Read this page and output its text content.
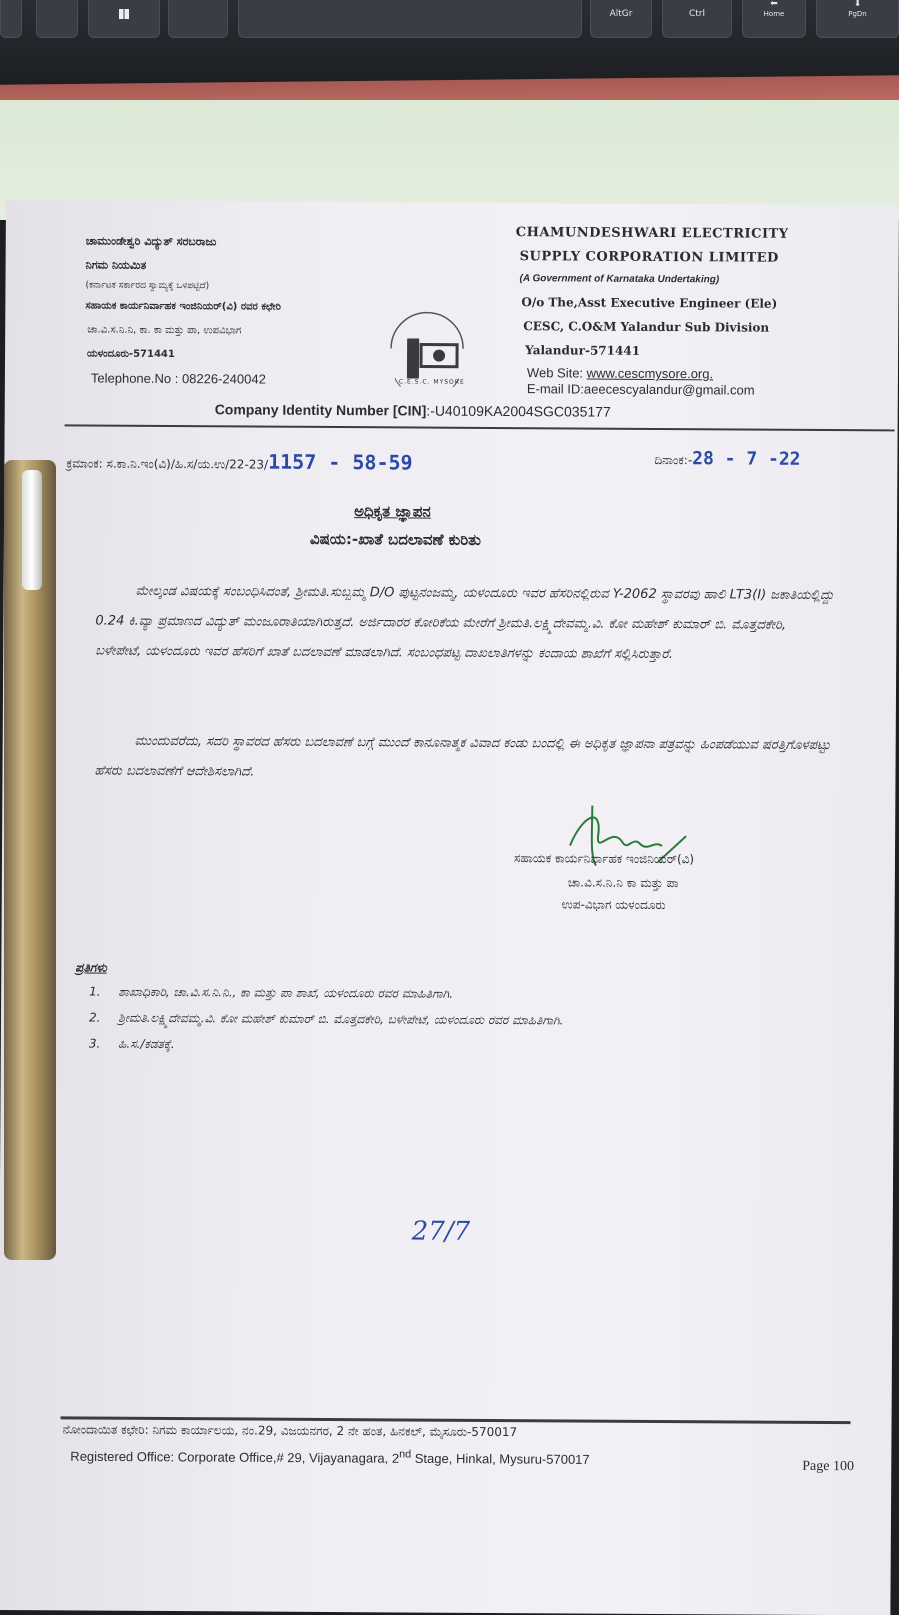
AltGr	Ctrl
⬅
Home
⬇
PgDn
ಚಾಮುಂಡೇಶ್ವರಿ ವಿದ್ಯುತ್ ಸರಬರಾಜು
ನಿಗಮ ನಿಯಮಿತ
(ಕರ್ನಾಟಕ ಸರ್ಕಾರದ ಸ್ವಾಮ್ಯಕ್ಕೆ ಒಳಪಟ್ಟಿದೆ)
ಸಹಾಯಕ ಕಾರ್ಯನಿರ್ವಾಹಕ ಇಂಜಿನಿಯರ್(ವಿ) ರವರ ಕಛೇರಿ
ಚಾ.ವಿ.ಸ.ನಿ.ನಿ, ಕಾ. ಕಾ ಮತ್ತು ಪಾ, ಉಪವಿಭಾಗ
ಯಳಂದೂರು-571441
Telephone.No : 08226-240042
CHAMUNDESHWARI ELECTRICITY
SUPPLY CORPORATION LIMITED
(A Government of Karnataka Undertaking)
O/o The,Asst Executive Engineer (Ele)
CESC, C.O&M Yalandur Sub Division
Yalandur-571441
Web Site: www.cescmysore.org.
E-mail ID:aeecescyalandur@gmail.com
C.E.S.C. MYSORE
Company Identity Number [CIN]:-U40109KA2004SGC035177
ಕ್ರಮಾಂಕ: ಸ.ಕಾ.ನಿ.ಇಂ(ವಿ)/ಹಿ.ಸ/ಯ.ಉ/22-23/1157 - 58-59	ದಿನಾಂಕ:-28 - 7 -22
ಅಧಿಕೃತ ಜ್ಞಾಪನ
ವಿಷಯ:-ಖಾತೆ ಬದಲಾವಣೆ ಕುರಿತು
ಮೇಲ್ಕಂಡ ವಿಷಯಕ್ಕೆ ಸಂಬಂಧಿಸಿದಂತೆ, ಶ್ರೀಮತಿ.ಸುಬ್ಬಮ್ಮ D/O ಪುಟ್ಟನಂಜಮ್ಮ, ಯಳಂದೂರು ಇವರ ಹೆಸರಿನಲ್ಲಿರುವ Y-2062 ಸ್ಥಾವರವು ಹಾಲಿ LT3(I) ಜಕಾತಿಯಲ್ಲಿದ್ದು 0.24 ಕಿ.ವ್ಯಾ ಪ್ರಮಾಣದ ವಿದ್ಯುತ್ ಮಂಜೂರಾತಿಯಾಗಿರುತ್ತದೆ. ಅರ್ಜಿದಾರರ ಕೋರಿಕೆಯ ಮೇರೆಗೆ ಶ್ರೀಮತಿ.ಲಕ್ಷ್ಮಿದೇವಮ್ಮ.ವಿ. ಕೋ ಮಹೇಶ್ ಕುಮಾರ್ ಬಿ. ಮೊತ್ತದಕೇರಿ, ಬಳೇಪೇಟೆ, ಯಳಂದೂರು ಇವರ ಹೆಸರಿಗೆ ಖಾತೆ ಬದಲಾವಣೆ ಮಾಡಲಾಗಿದೆ. ಸಂಬಂಧಪಟ್ಟ ದಾಖಲಾತಿಗಳನ್ನು ಕಂದಾಯ ಶಾಖೆಗೆ ಸಲ್ಲಿಸಿರುತ್ತಾರೆ.
ಮುಂದುವರೆದು, ಸದರಿ ಸ್ಥಾವರದ ಹೆಸರು ಬದಲಾವಣೆ ಬಗ್ಗೆ ಮುಂದೆ ಕಾನೂನಾತ್ಮಕ ವಿವಾದ ಕಂಡು ಬಂದಲ್ಲಿ ಈ ಅಧಿಕೃತ ಜ್ಞಾಪನಾ ಪತ್ರವನ್ನು ಹಿಂಪಡೆಯುವ ಷರತ್ತಿಗೊಳಪಟ್ಟು ಹೆಸರು ಬದಲಾವಣೆಗೆ ಆದೇಶಿಸಲಾಗಿದೆ.
ಸಹಾಯಕ ಕಾರ್ಯನಿರ್ವಾಹಕ ಇಂಜಿನಿಯರ್(ವಿ)
ಚಾ.ವಿ.ಸ.ನಿ.ನಿ ಕಾ ಮತ್ತು ಪಾ
ಉಪ-ವಿಭಾಗ ಯಳಂದೂರು
ಪ್ರತಿಗಳು
1. ಶಾಖಾಧಿಕಾರಿ, ಚಾ.ವಿ.ಸ.ನಿ.ನಿ., ಕಾ ಮತ್ತು ಪಾ ಶಾಖೆ, ಯಳಂದೂರು ರವರ ಮಾಹಿತಿಗಾಗಿ.
2. ಶ್ರೀಮತಿ.ಲಕ್ಷ್ಮಿದೇವಮ್ಮ.ವಿ. ಕೋ ಮಹೇಶ್ ಕುಮಾರ್ ಬಿ. ಮೊತ್ತದಕೇರಿ, ಬಳೇಪೇಟೆ, ಯಳಂದೂರು ರವರ ಮಾಹಿತಿಗಾಗಿ.
3. ಹಿ.ಸ./ಕಡತಕ್ಕೆ.
27/7
ನೋಂದಾಯಿತ ಕಛೇರಿ: ನಿಗಮ ಕಾರ್ಯಾಲಯ, ನಂ.29, ವಿಜಯನಗರ, 2 ನೇ ಹಂತ, ಹಿನಕಲ್, ಮೈಸೂರು-570017
Registered Office: Corporate Office,# 29, Vijayanagara, 2nd Stage, Hinkal, Mysuru-570017	Page 100
